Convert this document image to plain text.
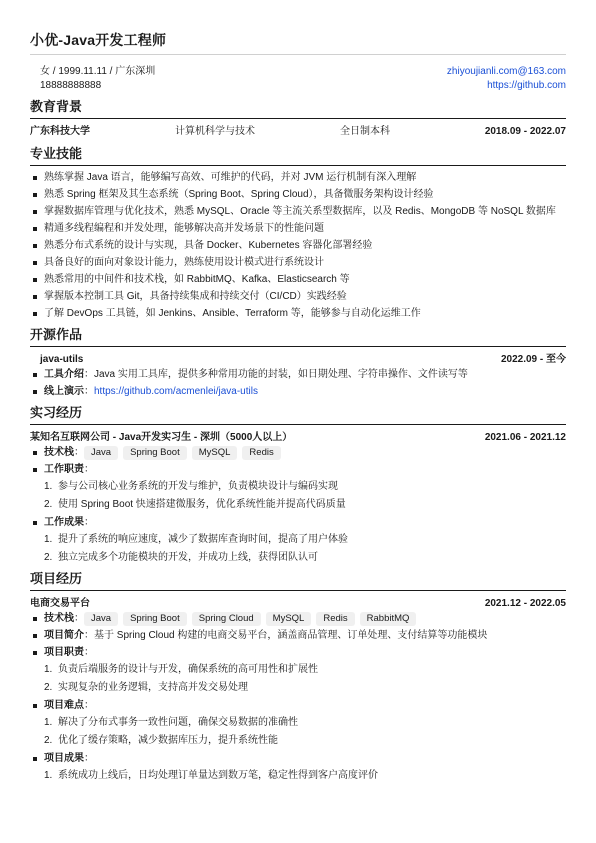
小优-Java开发工程师
女 / 1999.11.11 / 广东深圳
18888888888
zhiyoujianli.com@163.com
https://github.com
教育背景
广东科技大学	计算机科学与技术	全日制本科	2018.09 - 2022.07
专业技能
熟练掌握 Java 语言，能够编写高效、可维护的代码，并对 JVM 运行机制有深入理解
熟悉 Spring 框架及其生态系统（Spring Boot、Spring Cloud），具备微服务架构设计经验
掌握数据库管理与优化技术，熟悉 MySQL、Oracle 等主流关系型数据库，以及 Redis、MongoDB 等 NoSQL 数据库
精通多线程编程和并发处理，能够解决高并发场景下的性能问题
熟悉分布式系统的设计与实现，具备 Docker、Kubernetes 容器化部署经验
具备良好的面向对象设计能力，熟练使用设计模式进行系统设计
熟悉常用的中间件和技术栈，如 RabbitMQ、Kafka、Elasticsearch 等
掌握版本控制工具 Git，具备持续集成和持续交付（CI/CD）实践经验
了解 DevOps 工具链，如 Jenkins、Ansible、Terraform 等，能够参与自动化运维工作
开源作品
java-utils	2022.09 - 至今
工具介绍：Java 实用工具库，提供多种常用功能的封装，如日期处理、字符串操作、文件读写等
线上演示：https://github.com/acmenlei/java-utils
实习经历
某知名互联网公司 - Java开发实习生 - 深圳（5000人以上）	2021.06 - 2021.12
技术栈： Java Spring Boot MySQL Redis
工作职责：
1. 参与公司核心业务系统的开发与维护，负责模块设计与编码实现
2. 使用 Spring Boot 快速搭建微服务，优化系统性能并提高代码质量
工作成果：
1. 提升了系统的响应速度，减少了数据库查询时间，提高了用户体验
2. 独立完成多个功能模块的开发，并成功上线，获得团队认可
项目经历
电商交易平台	2021.12 - 2022.05
技术栈： Java Spring Boot Spring Cloud MySQL Redis RabbitMQ
项目简介：基于 Spring Cloud 构建的电商交易平台，涵盖商品管理、订单处理、支付结算等功能模块
项目职责：
1. 负责后端服务的设计与开发，确保系统的高可用性和扩展性
2. 实现复杂的业务逻辑，支持高并发交易处理
项目难点：
1. 解决了分布式事务一致性问题，确保交易数据的准确性
2. 优化了缓存策略，减少数据库压力，提升系统性能
项目成果：
1. 系统成功上线后，日均处理订单量达到数万笔，稳定性得到客户高度评价
